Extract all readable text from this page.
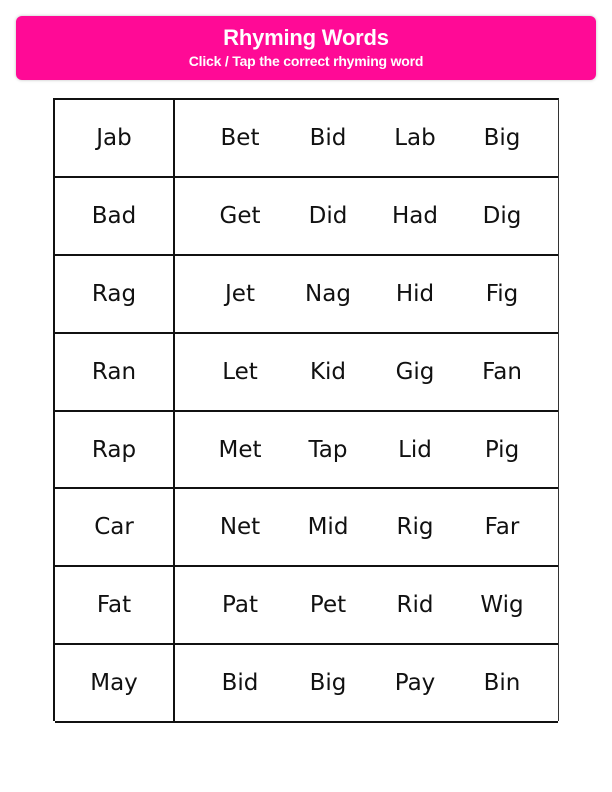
Rhyming Words
Click / Tap the correct rhyming word
Jab	Bet Bid Lab Big
Bad	Get Did Had Dig
Rag	Jet Nag Hid Fig
Ran	Let Kid Gig Fan
Rap	Met Tap Lid Pig
Car	Net Mid Rig Far
Fat	Pat Pet Rid Wig
May	Bid Big Pay Bin
